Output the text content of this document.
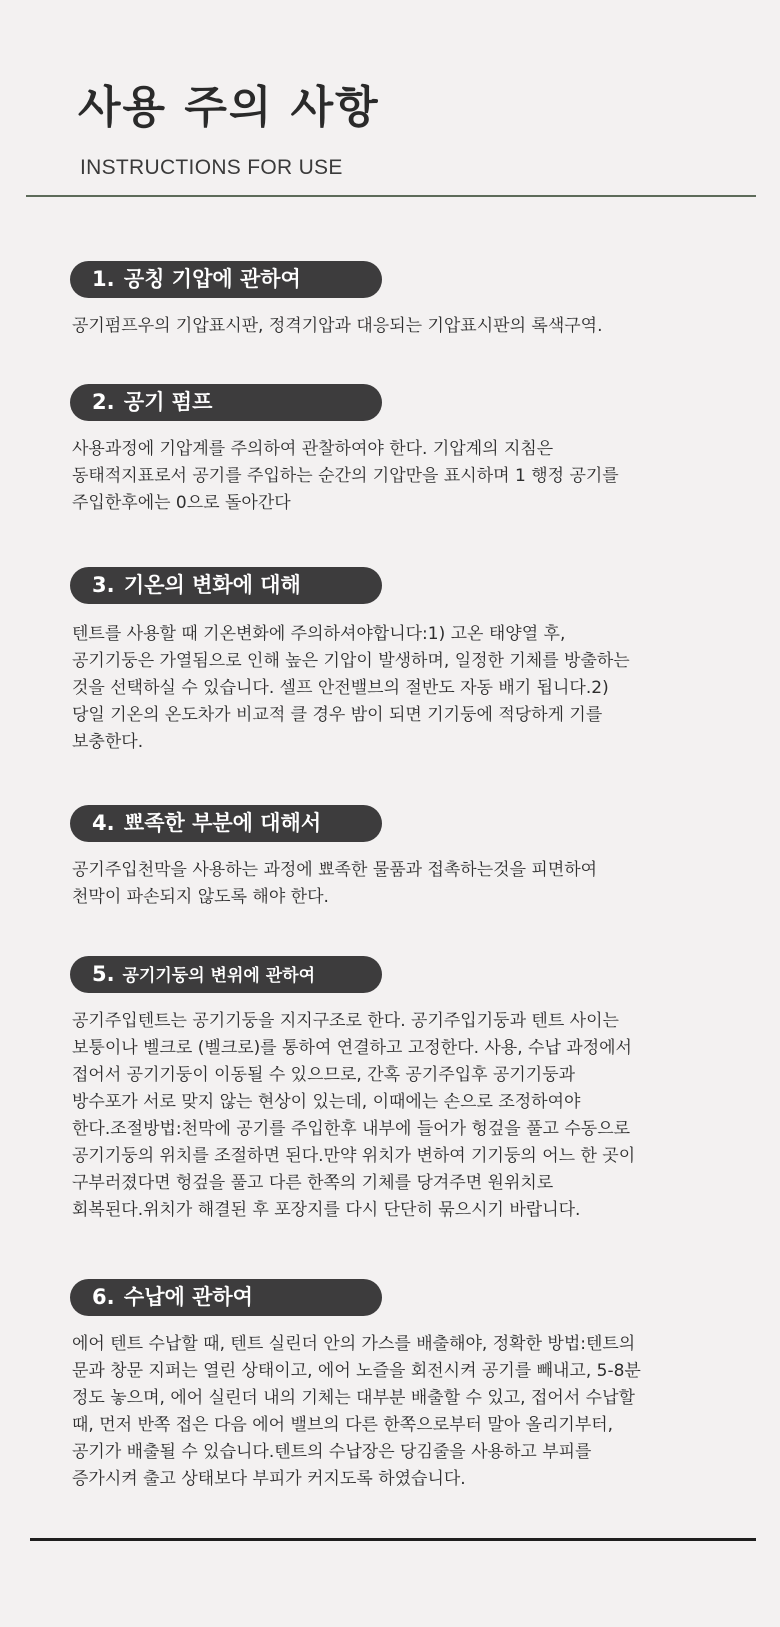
사용 주의 사항
INSTRUCTIONS FOR USE
1. 공칭 기압에 관하여

공기펌프우의 기압표시판, 정격기압과 대응되는 기압표시판의 록색구역.

2. 공기 펌프

사용과정에 기압계를 주의하여 관찰하여야 한다. 기압계의 지침은
동태적지표로서 공기를 주입하는 순간의 기압만을 표시하며 1 행정 공기를
주입한후에는 0으로 돌아간다

3. 기온의 변화에 대해

텐트를 사용할 때 기온변화에 주의하셔야합니다:1) 고온 태양열 후,
공기기둥은 가열됨으로 인해 높은 기압이 발생하며, 일정한 기체를 방출하는
것을 선택하실 수 있습니다. 셀프 안전밸브의 절반도 자동 배기 됩니다.2)
당일 기온의 온도차가 비교적 클 경우 밤이 되면 기기둥에 적당하게 기를
보충한다.

4. 뾰족한 부분에 대해서

공기주입천막을 사용하는 과정에 뾰족한 물품과 접촉하는것을 피면하여
천막이 파손되지 않도록 해야 한다.

5. 공기기둥의 변위에 관하여

공기주입텐트는 공기기둥을 지지구조로 한다. 공기주입기둥과 텐트 사이는
보퉁이나 벨크로 (벨크로)를 통하여 연결하고 고정한다. 사용, 수납 과정에서
접어서 공기기둥이 이동될 수 있으므로, 간혹 공기주입후 공기기둥과
방수포가 서로 맞지 않는 현상이 있는데, 이때에는 손으로 조정하여야
한다.조절방법:천막에 공기를 주입한후 내부에 들어가 헝겊을 풀고 수동으로
공기기둥의 위치를 조절하면 된다.만약 위치가 변하여 기기둥의 어느 한 곳이
구부러졌다면 헝겊을 풀고 다른 한쪽의 기체를 당겨주면 원위치로
회복된다.위치가 해결된 후 포장지를 다시 단단히 묶으시기 바랍니다.

6. 수납에 관하여

에어 텐트 수납할 때, 텐트 실린더 안의 가스를 배출해야, 정확한 방법:텐트의
문과 창문 지퍼는 열린 상태이고, 에어 노즐을 회전시켜 공기를 빼내고, 5-8분
정도 놓으며, 에어 실린더 내의 기체는 대부분 배출할 수 있고, 접어서 수납할
때, 먼저 반쪽 접은 다음 에어 밸브의 다른 한쪽으로부터 말아 올리기부터,
공기가 배출될 수 있습니다.텐트의 수납장은 당김줄을 사용하고 부피를
증가시켜 출고 상태보다 부피가 커지도록 하였습니다.
